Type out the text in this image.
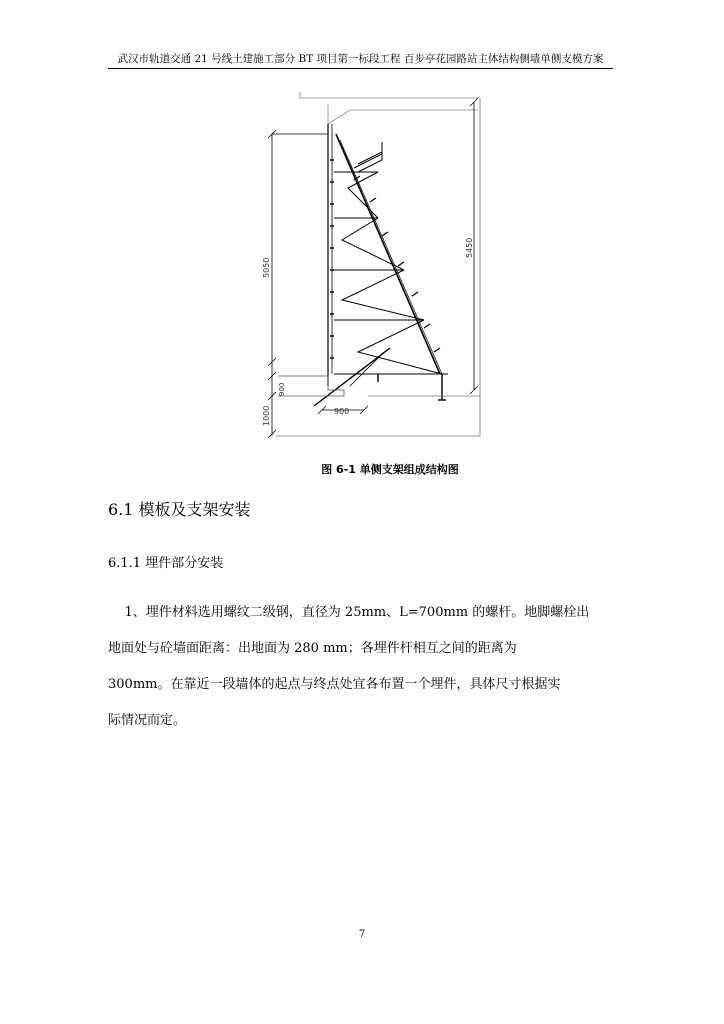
武汉市轨道交通 21 号线土建施工部分 BT 项目第一标段工程 百步亭花园路站主体结构侧墙单侧支模方案
5050
5450
1000
900
900
图 6-1 单侧支架组成结构图
6.1 模板及支架安装
6.1.1 埋件部分安装
1、埋件材料选用螺纹二级钢，直径为 25mm、L=700mm 的螺杆。地脚螺栓出
地面处与砼墙面距离：出地面为 280 mm；各埋件杆相互之间的距离为
300mm。在靠近一段墙体的起点与终点处宜各布置一个埋件，具体尺寸根据实
际情况而定。
7
